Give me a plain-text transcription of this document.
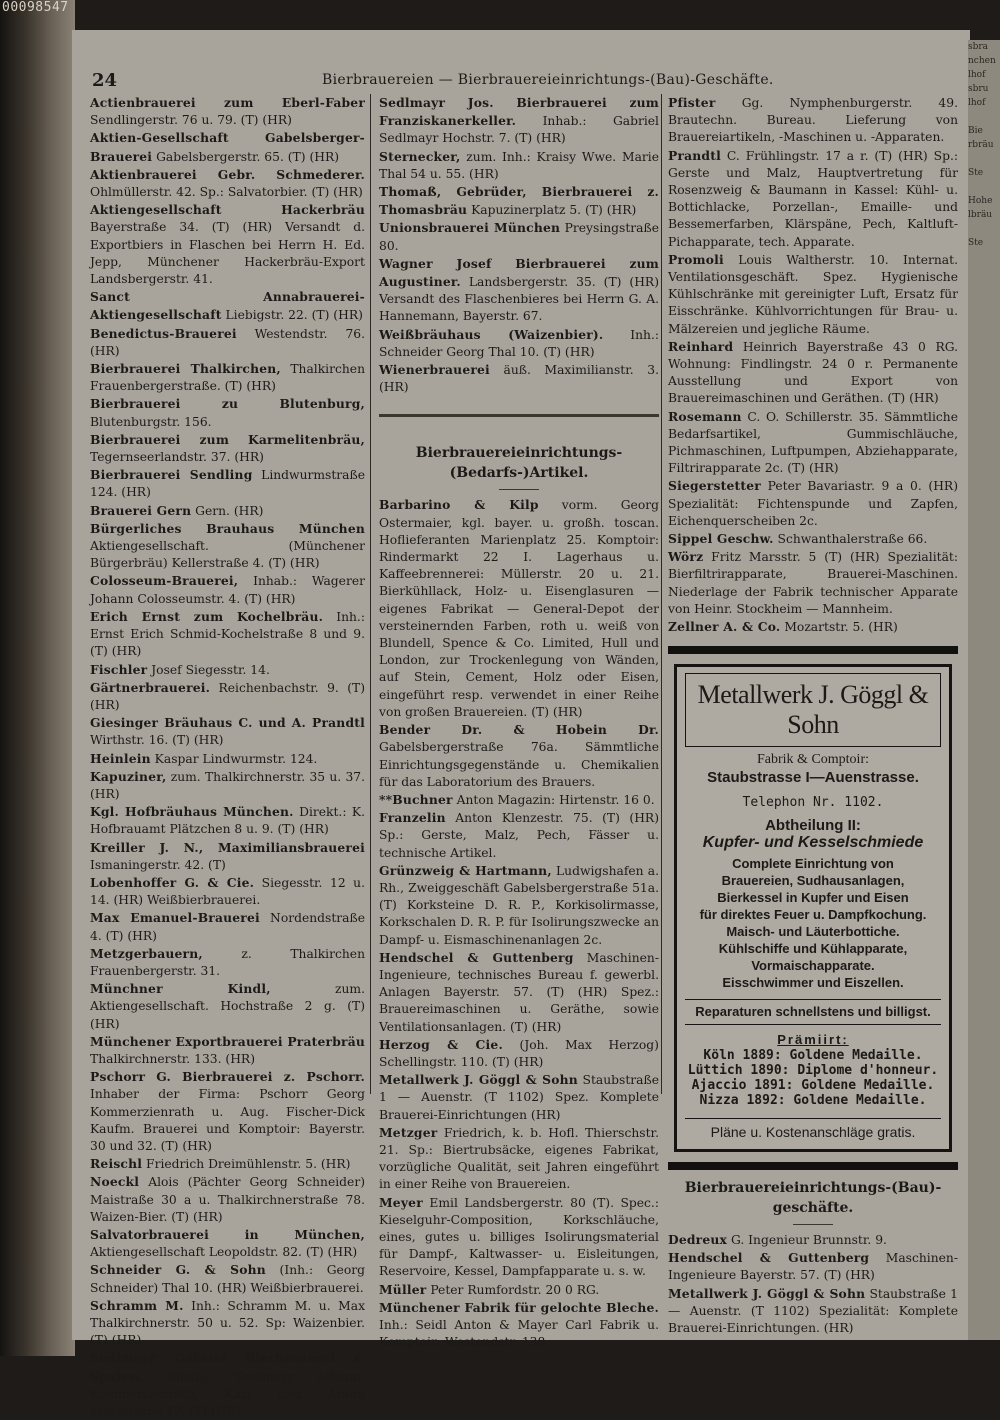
00098547
24	Bierbrauereien — Bierbrauereieinrichtungs-(Bau)-Geschäfte.

Actienbrauerei zum Eberl-Faber Sendlingerstr. 76 u. 79. (T) (HR)

Aktien-Gesellschaft Gabelsberger-Brauerei Gabelsbergerstr. 65. (T) (HR)

Aktienbrauerei Gebr. Schmederer. Ohlmüllerstr. 42. Sp.: Salvatorbier. (T) (HR)

Aktiengesellschaft Hackerbräu Bayerstraße 34. (T) (HR) Versandt d. Exportbiers in Flaschen bei Herrn H. Ed. Jepp, Münchener Hackerbräu-Export Landsbergerstr. 41.

Sanct Annabrauerei-Aktiengesellschaft Liebigstr. 22. (T) (HR)

Benedictus-Brauerei Westendstr. 76. (HR)

Bierbrauerei Thalkirchen, Thalkirchen Frauenbergerstraße. (T) (HR)

Bierbrauerei zu Blutenburg, Blutenburgstr. 156.

Bierbrauerei zum Karmelitenbräu, Tegernseerlandstr. 37. (HR)

Bierbrauerei Sendling Lindwurmstraße 124. (HR)

Brauerei Gern Gern. (HR)

Bürgerliches Brauhaus München Aktiengesellschaft. (Münchener Bürgerbräu) Kellerstraße 4. (T) (HR)

Colosseum-Brauerei, Inhab.: Wagerer Johann Colosseumstr. 4. (T) (HR)

Erich Ernst zum Kochelbräu. Inh.: Ernst Erich Schmid-Kochelstraße 8 und 9. (T) (HR)

Fischler Josef Siegesstr. 14.

Gärtnerbrauerei. Reichenbachstr. 9. (T) (HR)

Giesinger Bräuhaus C. und A. Prandtl Wirthstr. 16. (T) (HR)

Heinlein Kaspar Lindwurmstr. 124.

Kapuziner, zum. Thalkirchnerstr. 35 u. 37. (HR)

Kgl. Hofbräuhaus München. Direkt.: K. Hofbrauamt Plätzchen 8 u. 9. (T) (HR)

Kreiller J. N., Maximiliansbrauerei Ismaningerstr. 42. (T)

Lobenhoffer G. & Cie. Siegesstr. 12 u. 14. (HR) Weißbierbrauerei.

Max Emanuel-Brauerei Nordendstraße 4. (T) (HR)

Metzgerbauern, z. Thalkirchen Frauenbergerstr. 31.

Münchner Kindl, zum. Aktiengesellschaft. Hochstraße 2 g. (T) (HR)

Münchener Exportbrauerei Praterbräu Thalkirchnerstr. 133. (HR)

Pschorr G. Bierbrauerei z. Pschorr. Inhaber der Firma: Pschorr Georg Kommerzienrath u. Aug. Fischer-Dick Kaufm. Brauerei und Komptoir: Bayerstr. 30 und 32. (T) (HR)

Reischl Friedrich Dreimühlenstr. 5. (HR)

Noeckl Alois (Pächter Georg Schneider) Maistraße 30 a u. Thalkirchnerstraße 78. Waizen-Bier. (T) (HR)

Salvatorbrauerei in München, Aktiengesellschaft Leopoldstr. 82. (T) (HR)

Schneider G. & Sohn (Inh.: Georg Schneider) Thal 10. (HR) Weißbierbrauerei.

Schramm M. Inh.: Schramm M. u. Max Thalkirchnerstr. 50 u. 52. Sp: Waizenbier. (T) (HR)

Sedlmayr Gabriel Bierbrauerei z. Spaten. Inhab.: Sedlmayr Johann, Kommerzienrath, Karl und Anton Marsstraße 17. (T) (HR)

Sedlmayr Jos. Bierbrauerei zum Franziskanerkeller. Inhab.: Gabriel Sedlmayr Hochstr. 7. (T) (HR)

Sternecker, zum. Inh.: Kraisy Wwe. Marie Thal 54 u. 55. (HR)

Thomaß, Gebrüder, Bierbrauerei z. Thomasbräu Kapuzinerplatz 5. (T) (HR)

Unionsbrauerei München Preysingstraße 80.

Wagner Josef Bierbrauerei zum Augustiner. Landsbergerstr. 35. (T) (HR) Versandt des Flaschenbieres bei Herrn G. A. Hannemann, Bayerstr. 67.

Weißbräuhaus (Waizenbier). Inh.: Schneider Georg Thal 10. (T) (HR)

Wienerbrauerei äuß. Maximilianstr. 3. (HR)

Bierbrauereieinrichtungs-(Bedarfs-)Artikel.

Barbarino & Kilp vorm. Georg Ostermaier, kgl. bayer. u. großh. toscan. Hoflieferanten Marienplatz 25. Komptoir: Rindermarkt 22 I. Lagerhaus u. Kaffeebrennerei: Müllerstr. 20 u. 21. Bierkühllack, Holz- u. Eisenglasuren — eigenes Fabrikat — General-Depot der versteinernden Farben, roth u. weiß von Blundell, Spence & Co. Limited, Hull und London, zur Trockenlegung von Wänden, auf Stein, Cement, Holz oder Eisen, eingeführt resp. verwendet in einer Reihe von großen Brauereien. (T) (HR)

Bender Dr. & Hobein Dr. Gabelsbergerstraße 76a. Sämmtliche Einrichtungsgegenstände u. Chemikalien für das Laboratorium des Brauers.

**Buchner Anton Magazin: Hirtenstr. 16 0.

Franzelin Anton Klenzestr. 75. (T) (HR) Sp.: Gerste, Malz, Pech, Fässer u. technische Artikel.

Grünzweig & Hartmann, Ludwigshafen a. Rh., Zweiggeschäft Gabelsbergerstraße 51a. (T) Korksteine D. R. P., Korkisolirmasse, Korkschalen D. R. P. für Isolirungszwecke an Dampf- u. Eismaschinenanlagen 2c.

Hendschel & Guttenberg Maschinen-Ingenieure, technisches Bureau f. gewerbl. Anlagen Bayerstr. 57. (T) (HR) Spez.: Brauereimaschinen u. Geräthe, sowie Ventilationsanlagen. (T) (HR)

Herzog & Cie. (Joh. Max Herzog) Schellingstr. 110. (T) (HR)

Metallwerk J. Göggl & Sohn Staubstraße 1 — Auenstr. (T 1102) Spez. Komplete Brauerei-Einrichtungen (HR)

Metzger Friedrich, k. b. Hofl. Thierschstr. 21. Sp.: Biertrubsäcke, eigenes Fabrikat, vorzügliche Qualität, seit Jahren eingeführt in einer Reihe von Brauereien.

Meyer Emil Landsbergerstr. 80 (T). Spec.: Kieselguhr-Composition, Korkschläuche, eines, gutes u. billiges Isolirungsmaterial für Dampf-, Kaltwasser- u. Eisleitungen, Reservoire, Kessel, Dampfapparate u. s. w.

Müller Peter Rumfordstr. 20 0 RG.

Münchener Fabrik für gelochte Bleche. Inh.: Seidl Anton & Mayer Carl Fabrik u. Komptoir: Westendstr. 138.

Pfister Gg. Nymphenburgerstr. 49. Brautechn. Bureau. Lieferung von Brauereiartikeln, -Maschinen u. -Apparaten.

Prandtl C. Frühlingstr. 17 a r. (T) (HR) Sp.: Gerste und Malz, Hauptvertretung für Rosenzweig & Baumann in Kassel: Kühl- u. Bottichlacke, Porzellan-, Emaille- und Bessemerfarben, Klärspäne, Pech, Kaltluft-Pichapparate, tech. Apparate.

Promoli Louis Waltherstr. 10. Internat. Ventilationsgeschäft. Spez. Hygienische Kühlschränke mit gereinigter Luft, Ersatz für Eisschränke. Kühlvorrichtungen für Brau- u. Mälzereien und jegliche Räume.

Reinhard Heinrich Bayerstraße 43 0 RG. Wohnung: Findlingstr. 24 0 r. Permanente Ausstellung und Export von Brauereimaschinen und Geräthen. (T) (HR)

Rosemann C. O. Schillerstr. 35. Sämmtliche Bedarfsartikel, Gummischläuche, Pichmaschinen, Luftpumpen, Abziehapparate, Filtrirapparate 2c. (T) (HR)

Siegerstetter Peter Bavariastr. 9 a 0. (HR) Spezialität: Fichtenspunde und Zapfen, Eichenquerscheiben 2c.

Sippel Geschw. Schwanthalerstraße 66.

Wörz Fritz Marsstr. 5 (T) (HR) Spezialität: Bierfiltrirapparate, Brauerei-Maschinen. Niederlage der Fabrik technischer Apparate von Heinr. Stockheim — Mannheim.

Zellner A. & Co. Mozartstr. 5. (HR)

Metallwerk J. Göggl & Sohn
Fabrik & Comptoir:
Staubstrasse I—Auenstrasse.
Telephon Nr. 1102.
Abtheilung II:
Kupfer- und Kesselschmiede
Complete Einrichtung von
Brauereien, Sudhausanlagen,
Bierkessel in Kupfer und Eisen
für direktes Feuer u. Dampfkochung.
Maisch- und Läuterbottiche.
Kühlschiffe und Kühlapparate,
Vormaischapparate.
Eisschwimmer und Eiszellen.
Reparaturen schnellstens und billigst.
Prämiirt:
Köln 1889: Goldene Medaille.
Lüttich 1890: Diplome d'honneur.
Ajaccio 1891: Goldene Medaille.
Nizza 1892: Goldene Medaille.
Pläne u. Kostenanschläge gratis.
Bierbrauereieinrichtungs-(Bau)-geschäfte.

Dedreux G. Ingenieur Brunnstr. 9.

Hendschel & Guttenberg Maschinen-Ingenieure Bayerstr. 57. (T) (HR)

Metallwerk J. Göggl & Sohn Staubstraße 1 — Auenstr. (T 1102) Spezialität: Komplete Brauerei-Einrichtungen. (HR)

sbra
nchen
lhof
sbru
lhof

Bie
rbräu

Ste

Hohe
lbräu

Ste
